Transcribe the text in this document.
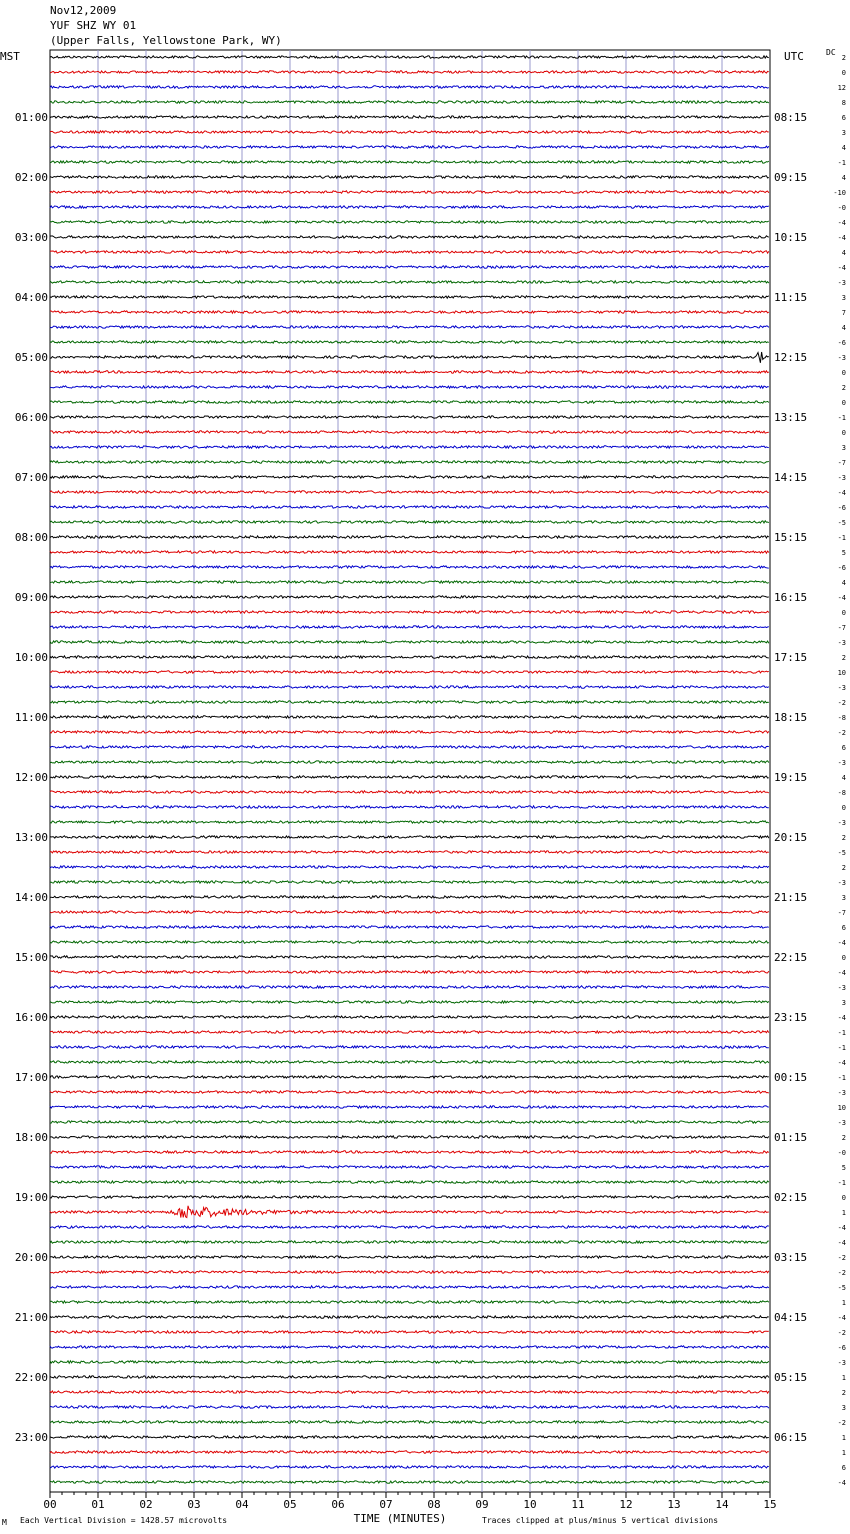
Nov12,2009
YUF SHZ WY 01
(Upper Falls, Yellowstone Park, WY)
MST	UTC	DC
2
0
12
8
6
3
4
-1
4
-10
-0
-4
-4
4
-4
-3
3
7
4
-6
-3
0
2
0
-1
0
3
-7
-3
-4
-6
-5
-1
5
-6
4
-4
0
-7
-3
2
10
-3
-2
-8
-2
6
-3
4
-8
0
-3
2
-5
2
-3
3
-7
6
-4
0
-4
-3
3
-4
-1
-1
-4
-1
-3
10
-3
2
-0
5
-1
0
1
-4
-4
-2
-2
-5
1
-4
-2
-6
-3
1
2
3
-2
1
1
6
-4
01:00
02:00
03:00
04:00
05:00
06:00
07:00
08:00
09:00
10:00
11:00
12:00
13:00
14:00
15:00
16:00
17:00
18:00
19:00
20:00
21:00
22:00
23:00
08:15
09:15
10:15
11:15
12:15
13:15
14:15
15:15
16:15
17:15
18:15
19:15
20:15
21:15
22:15
23:15
00:15
01:15
02:15
03:15
04:15
05:15
06:15
00	01	02	03	04	05	06	07	08	09	10	11	12	13	14	15
TIME (MINUTES)
M Each Vertical Division = 1428.57 microvolts	Traces clipped at plus/minus 5 vertical divisions
